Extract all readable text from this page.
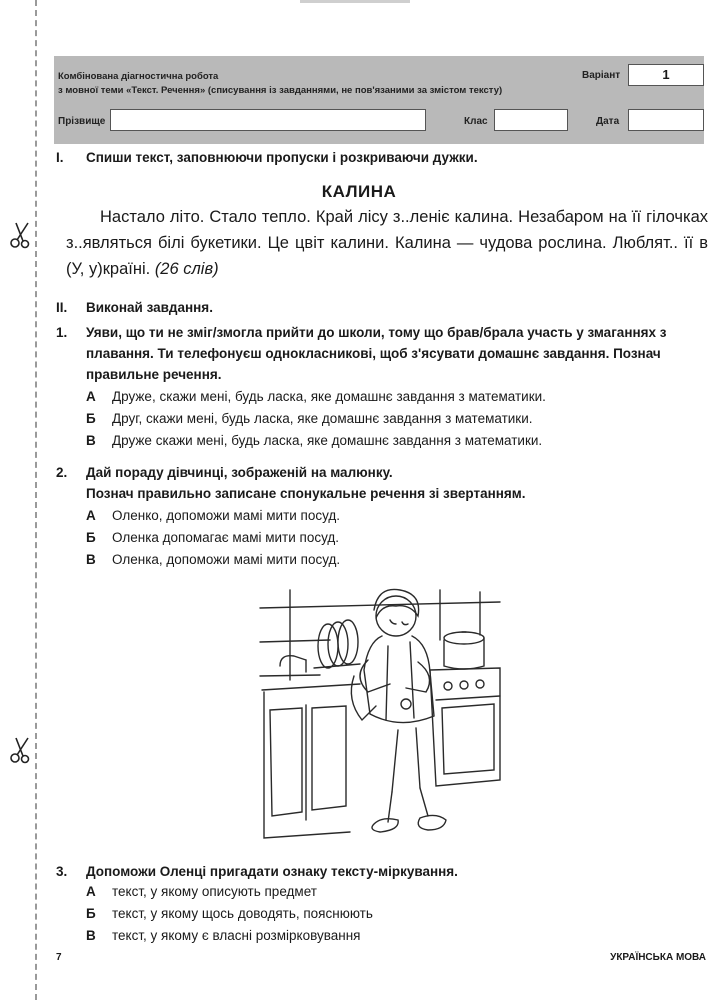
Комбінована діагностична робота
з мовної теми «Текст. Речення» (списування із завданнями, не пов'язаними за змістом тексту)
Варіант	1
Прізвище	Клас	Дата
I. Спиши текст, заповнюючи пропуски і розкриваючи дужки.
КАЛИНА
Настало літо. Стало тепло. Край лісу з..леніє калина. Незабаром на її гілочках з..являться білі букетики. Це цвіт калини. Калина — чудова рослина. Люблят.. її в (У, у)країні. (26 слів)
II. Виконай завдання.
1. Уяви, що ти не зміг/змогла прийти до школи, тому що брав/брала участь у змаганнях з плавання. Ти телефонуєш однокласникові, щоб з'ясувати домашнє завдання. Познач правильне речення.
А Друже, скажи мені, будь ласка, яке домашнє завдання з математики.
Б Друг, скажи мені, будь ласка, яке домашнє завдання з математики.
В Друже скажи мені, будь ласка, яке домашнє завдання з математики.
2. Дай пораду дівчинці, зображеній на малюнку.
Познач правильно записане спонукальне речення зі звертанням.
А Оленко, допоможи мамі мити посуд.
Б Оленка допомагає мамі мити посуд.
В Оленка, допоможи мамі мити посуд.
3. Допоможи Оленці пригадати ознаку тексту-міркування.
А текст, у якому описують предмет
Б текст, у якому щось доводять, пояснюють
В текст, у якому є власні розмірковування
7	УКРАЇНСЬКА МОВА
